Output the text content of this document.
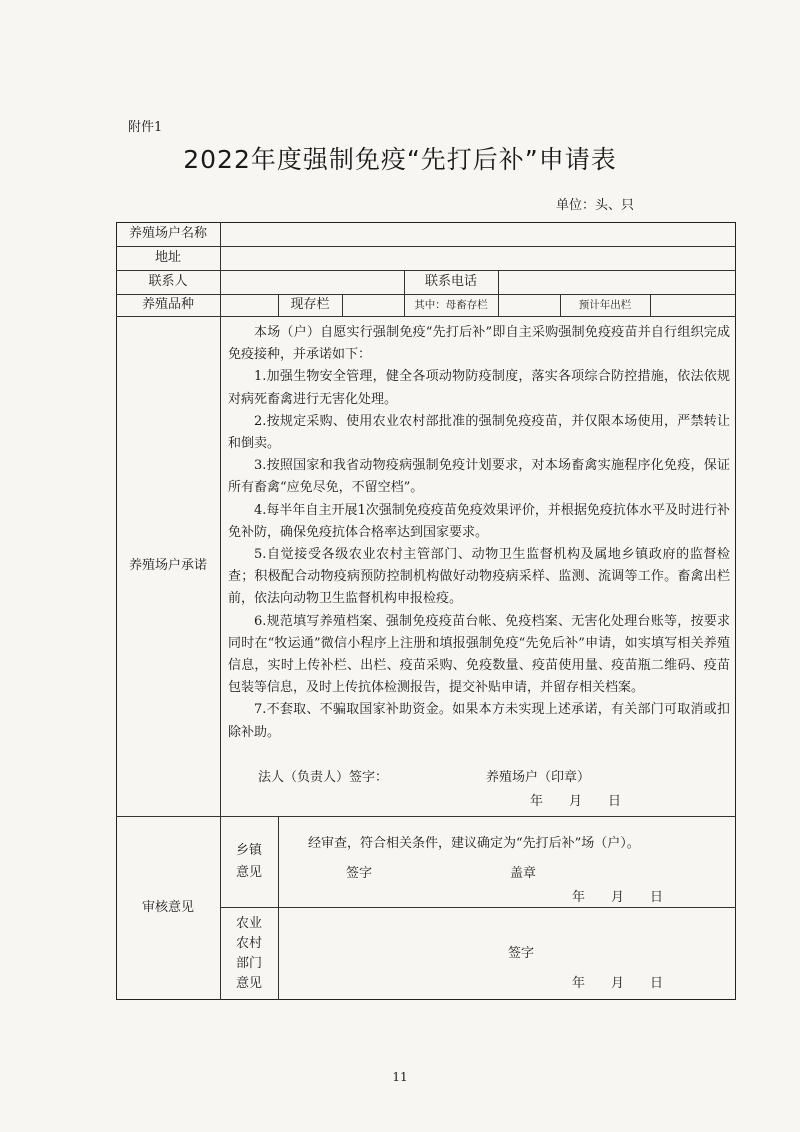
附件1
2022年度强制免疫“先打后补”申请表
单位：头、只
养殖场户名称
地址
联系人	联系电话
养殖品种	现存栏	其中：母畜存栏	预计年出栏
养殖场户承诺

本场（户）自愿实行强制免疫“先打后补”即自主采购强制免疫疫苗并自行组织完成免疫接种，并承诺如下：

1.加强生物安全管理，健全各项动物防疫制度，落实各项综合防控措施，依法依规对病死畜禽进行无害化处理。

2.按规定采购、使用农业农村部批准的强制免疫疫苗，并仅限本场使用，严禁转让和倒卖。

3.按照国家和我省动物疫病强制免疫计划要求，对本场畜禽实施程序化免疫，保证所有畜禽“应免尽免，不留空档”。

4.每半年自主开展1次强制免疫疫苗免疫效果评价，并根据免疫抗体水平及时进行补免补防，确保免疫抗体合格率达到国家要求。

5.自觉接受各级农业农村主管部门、动物卫生监督机构及属地乡镇政府的监督检查；积极配合动物疫病预防控制机构做好动物疫病采样、监测、流调等工作。畜禽出栏前，依法向动物卫生监督机构申报检疫。

6.规范填写养殖档案、强制免疫疫苗台帐、免疫档案、无害化处理台账等，按要求同时在“牧运通”微信小程序上注册和填报强制免疫“先免后补”申请，如实填写相关养殖信息，实时上传补栏、出栏、疫苗采购、免疫数量、疫苗使用量、疫苗瓶二维码、疫苗包装等信息，及时上传抗体检测报告，提交补贴申请，并留存相关档案。

7.不套取、不骗取国家补助资金。如果本方未实现上述承诺，有关部门可取消或扣除补助。

法人（负责人）签字：	养殖场户（印章）
年　　月　　日
审核意见
乡镇意见
经审查，符合相关条件，建议确定为“先打后补”场（户）。
签字	盖章
年　　月　　日
农业农村部门意见
签字
年　　月　　日
11
